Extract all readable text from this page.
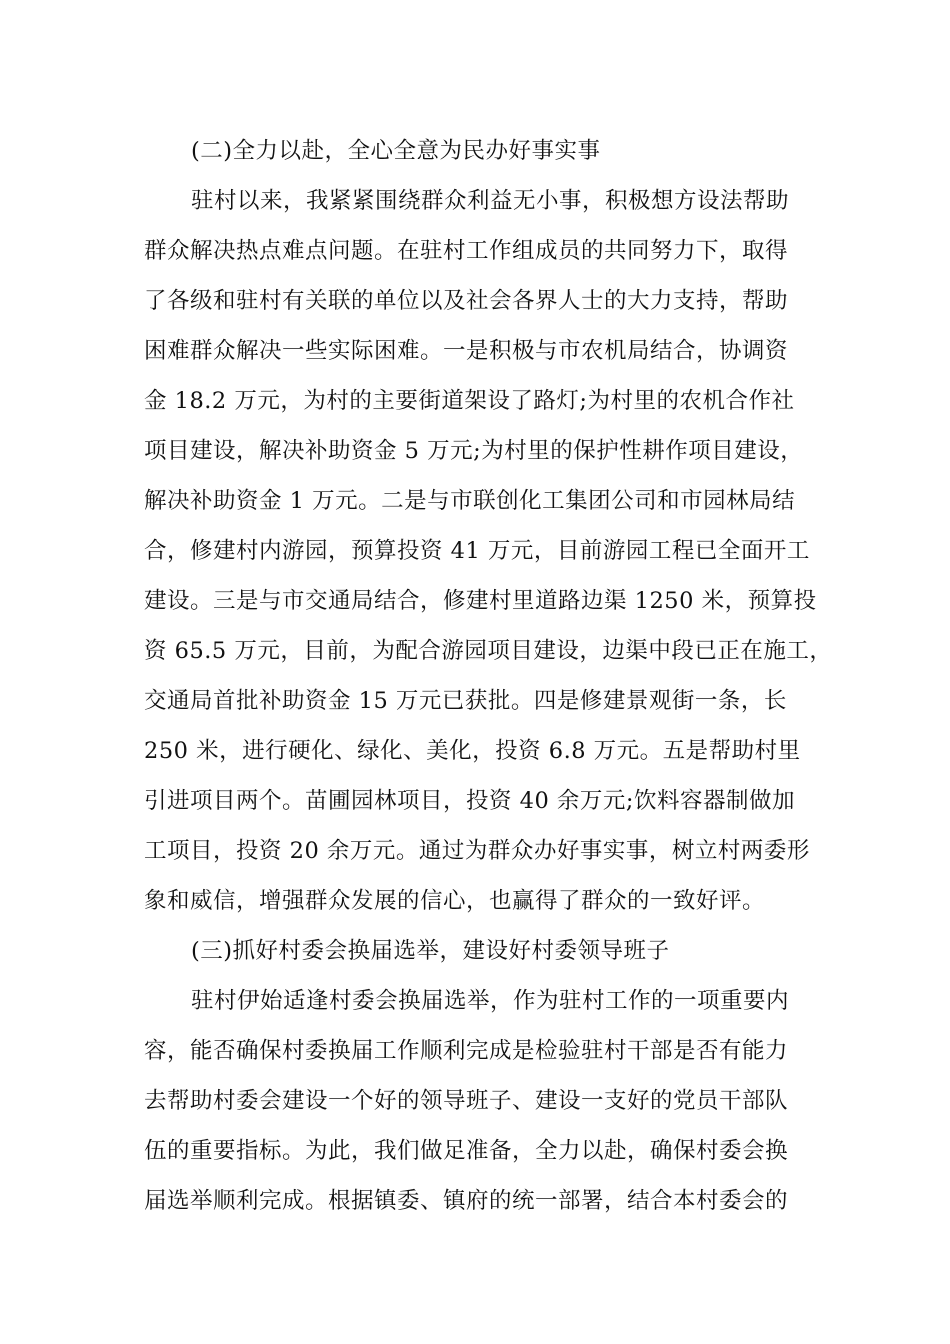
(二)全力以赴，全心全意为民办好事实事
驻村以来，我紧紧围绕群众利益无小事，积极想方设法帮助
群众解决热点难点问题。在驻村工作组成员的共同努力下，取得
了各级和驻村有关联的单位以及社会各界人士的大力支持，帮助
困难群众解决一些实际困难。一是积极与市农机局结合，协调资
金 18.2 万元，为村的主要街道架设了路灯;为村里的农机合作社
项目建设，解决补助资金 5 万元;为村里的保护性耕作项目建设，
解决补助资金 1 万元。二是与市联创化工集团公司和市园林局结
合，修建村内游园，预算投资 41 万元，目前游园工程已全面开工
建设。三是与市交通局结合，修建村里道路边渠 1250 米，预算投
资 65.5 万元，目前，为配合游园项目建设，边渠中段已正在施工，
交通局首批补助资金 15 万元已获批。四是修建景观街一条，长
250 米，进行硬化、绿化、美化，投资 6.8 万元。五是帮助村里
引进项目两个。苗圃园林项目，投资 40 余万元;饮料容器制做加
工项目，投资 20 余万元。通过为群众办好事实事，树立村两委形
象和威信，增强群众发展的信心，也赢得了群众的一致好评。
(三)抓好村委会换届选举，建设好村委领导班子
驻村伊始适逢村委会换届选举，作为驻村工作的一项重要内
容，能否确保村委换届工作顺利完成是检验驻村干部是否有能力
去帮助村委会建设一个好的领导班子、建设一支好的党员干部队
伍的重要指标。为此，我们做足准备，全力以赴，确保村委会换
届选举顺利完成。根据镇委、镇府的统一部署，结合本村委会的
